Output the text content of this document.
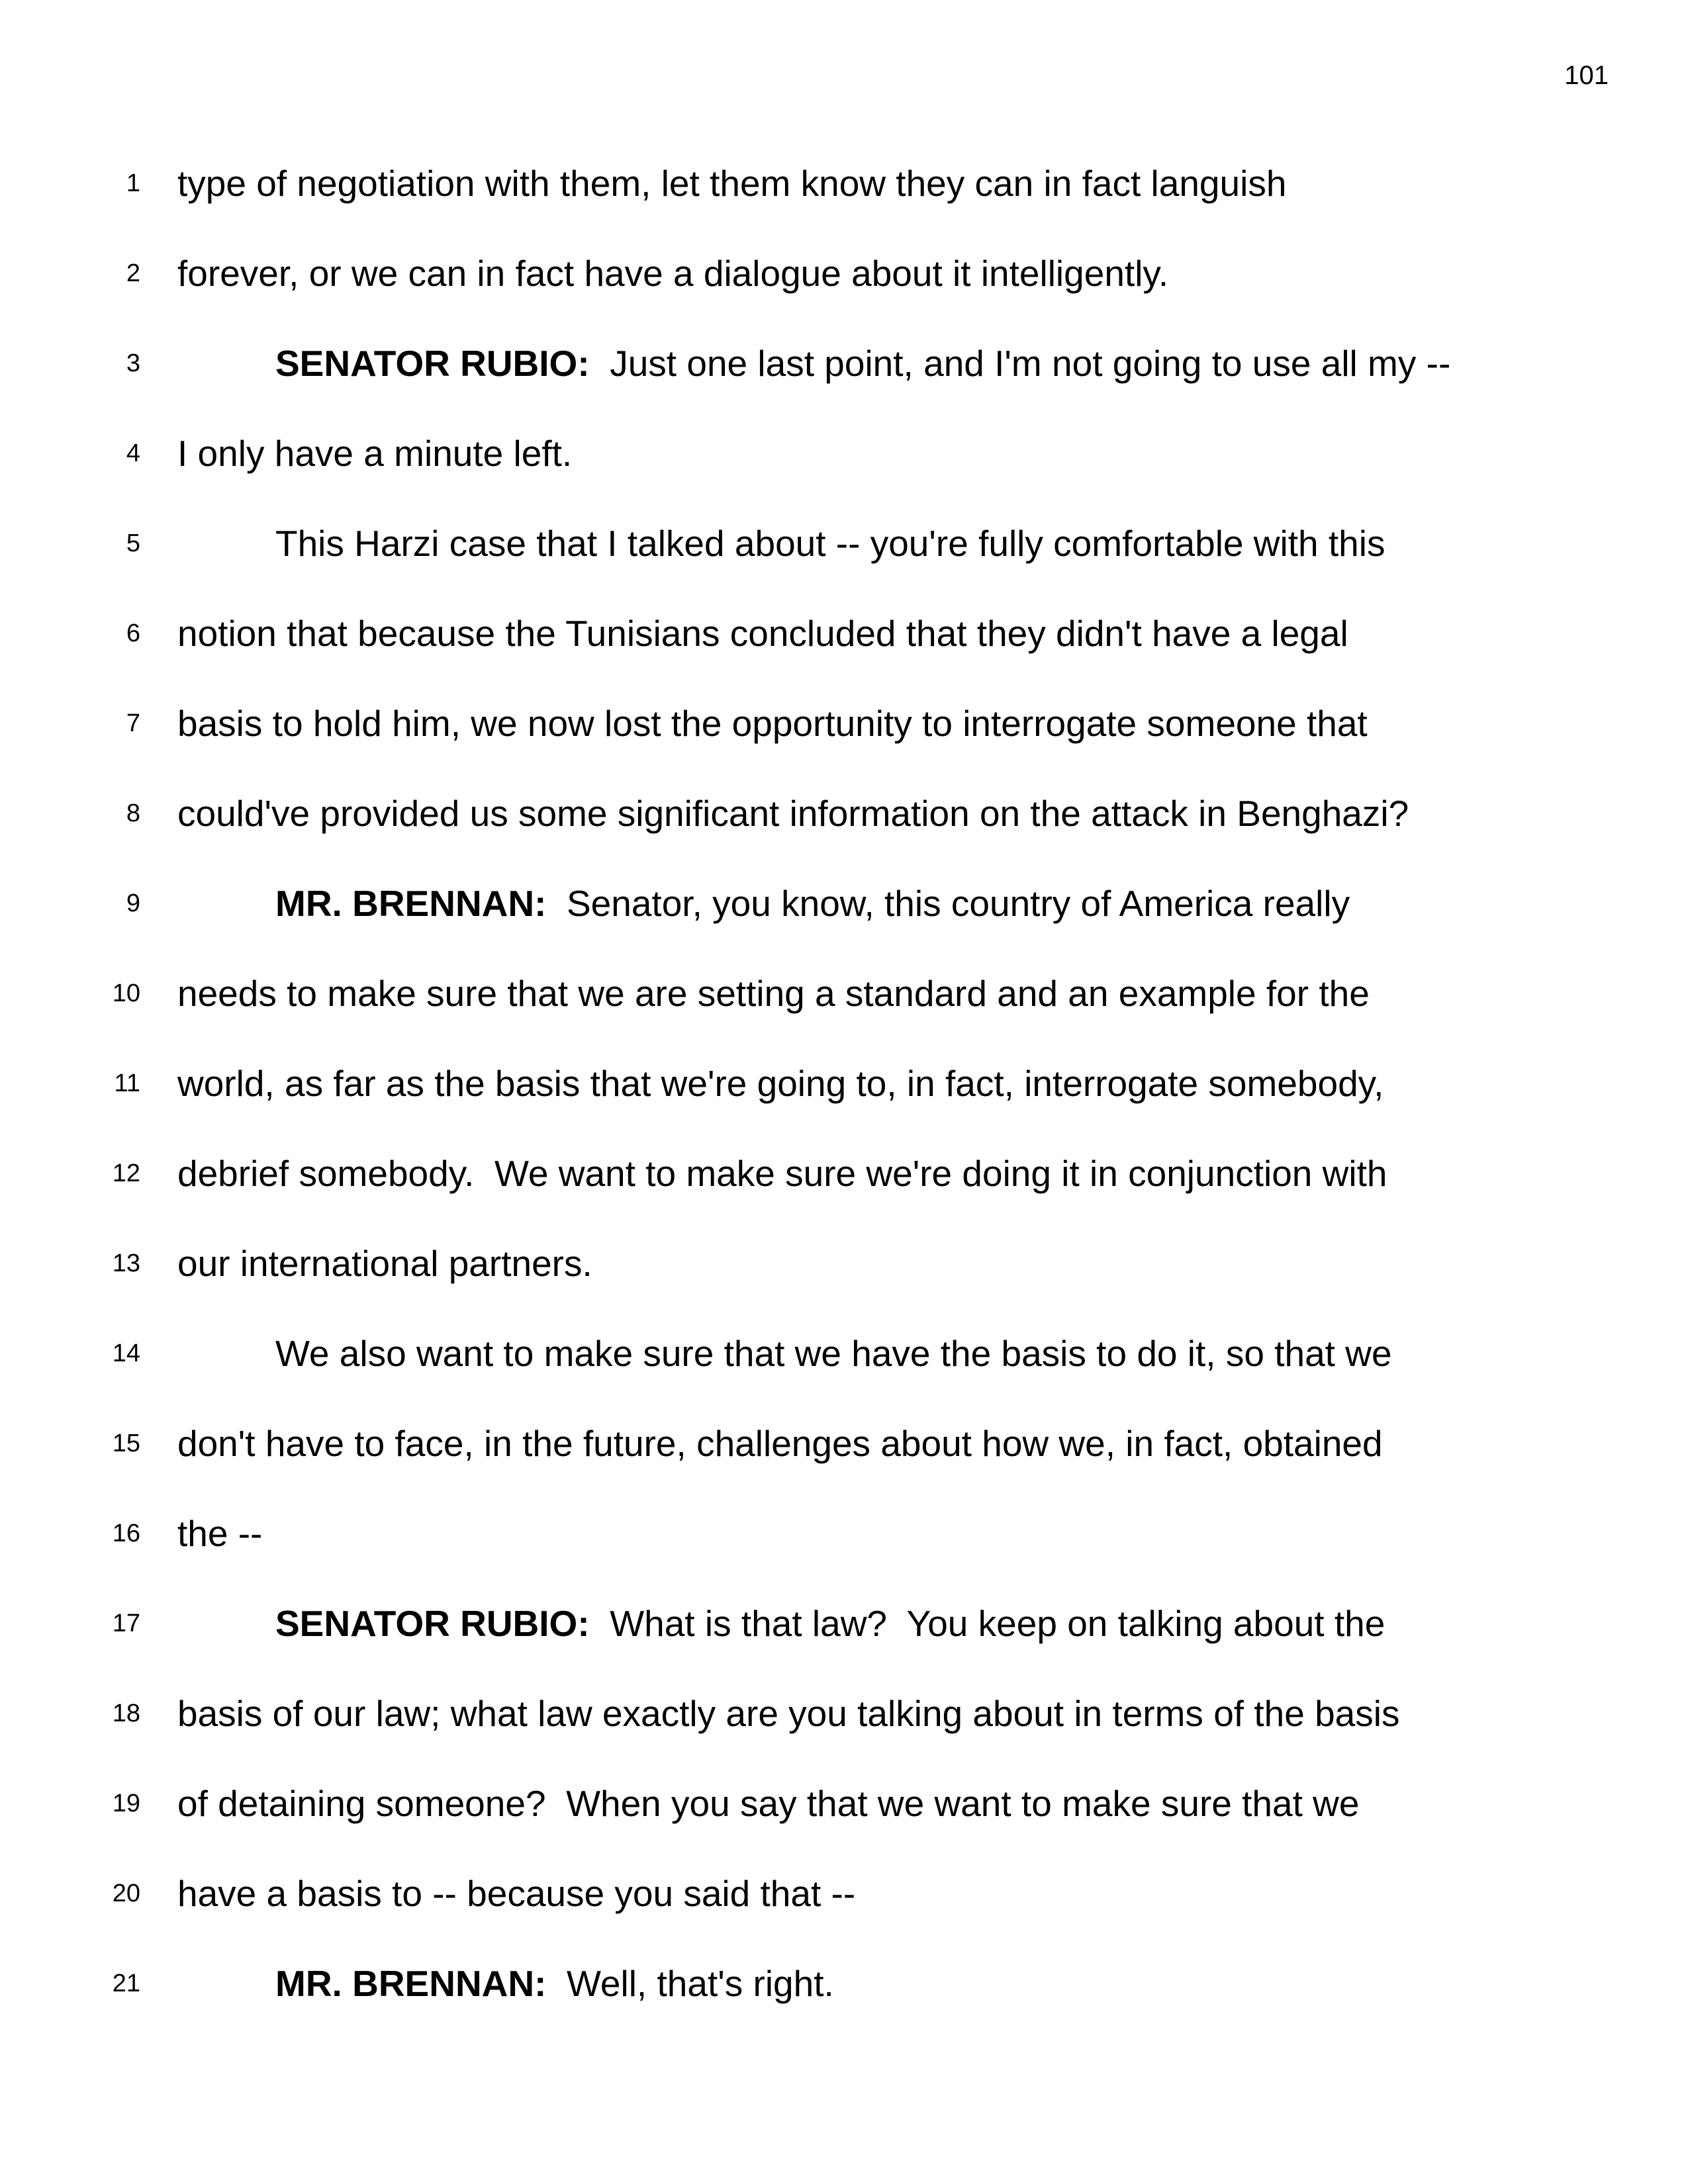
101
1 type of negotiation with them, let them know they can in fact languish
2 forever, or we can in fact have a dialogue about it intelligently.
3	SENATOR RUBIO:  Just one last point, and I'm not going to use all my --
4 I only have a minute left.
5	This Harzi case that I talked about -- you're fully comfortable with this
6 notion that because the Tunisians concluded that they didn't have a legal
7 basis to hold him, we now lost the opportunity to interrogate someone that
8 could've provided us some significant information on the attack in Benghazi?
9	MR. BRENNAN:  Senator, you know, this country of America really
10 needs to make sure that we are setting a standard and an example for the
11 world, as far as the basis that we're going to, in fact, interrogate somebody,
12 debrief somebody.  We want to make sure we're doing it in conjunction with
13 our international partners.
14	We also want to make sure that we have the basis to do it, so that we
15 don't have to face, in the future, challenges about how we, in fact, obtained
16 the --
17	SENATOR RUBIO:  What is that law?  You keep on talking about the
18 basis of our law; what law exactly are you talking about in terms of the basis
19 of detaining someone?  When you say that we want to make sure that we
20 have a basis to -- because you said that --
21	MR. BRENNAN:  Well, that's right.
